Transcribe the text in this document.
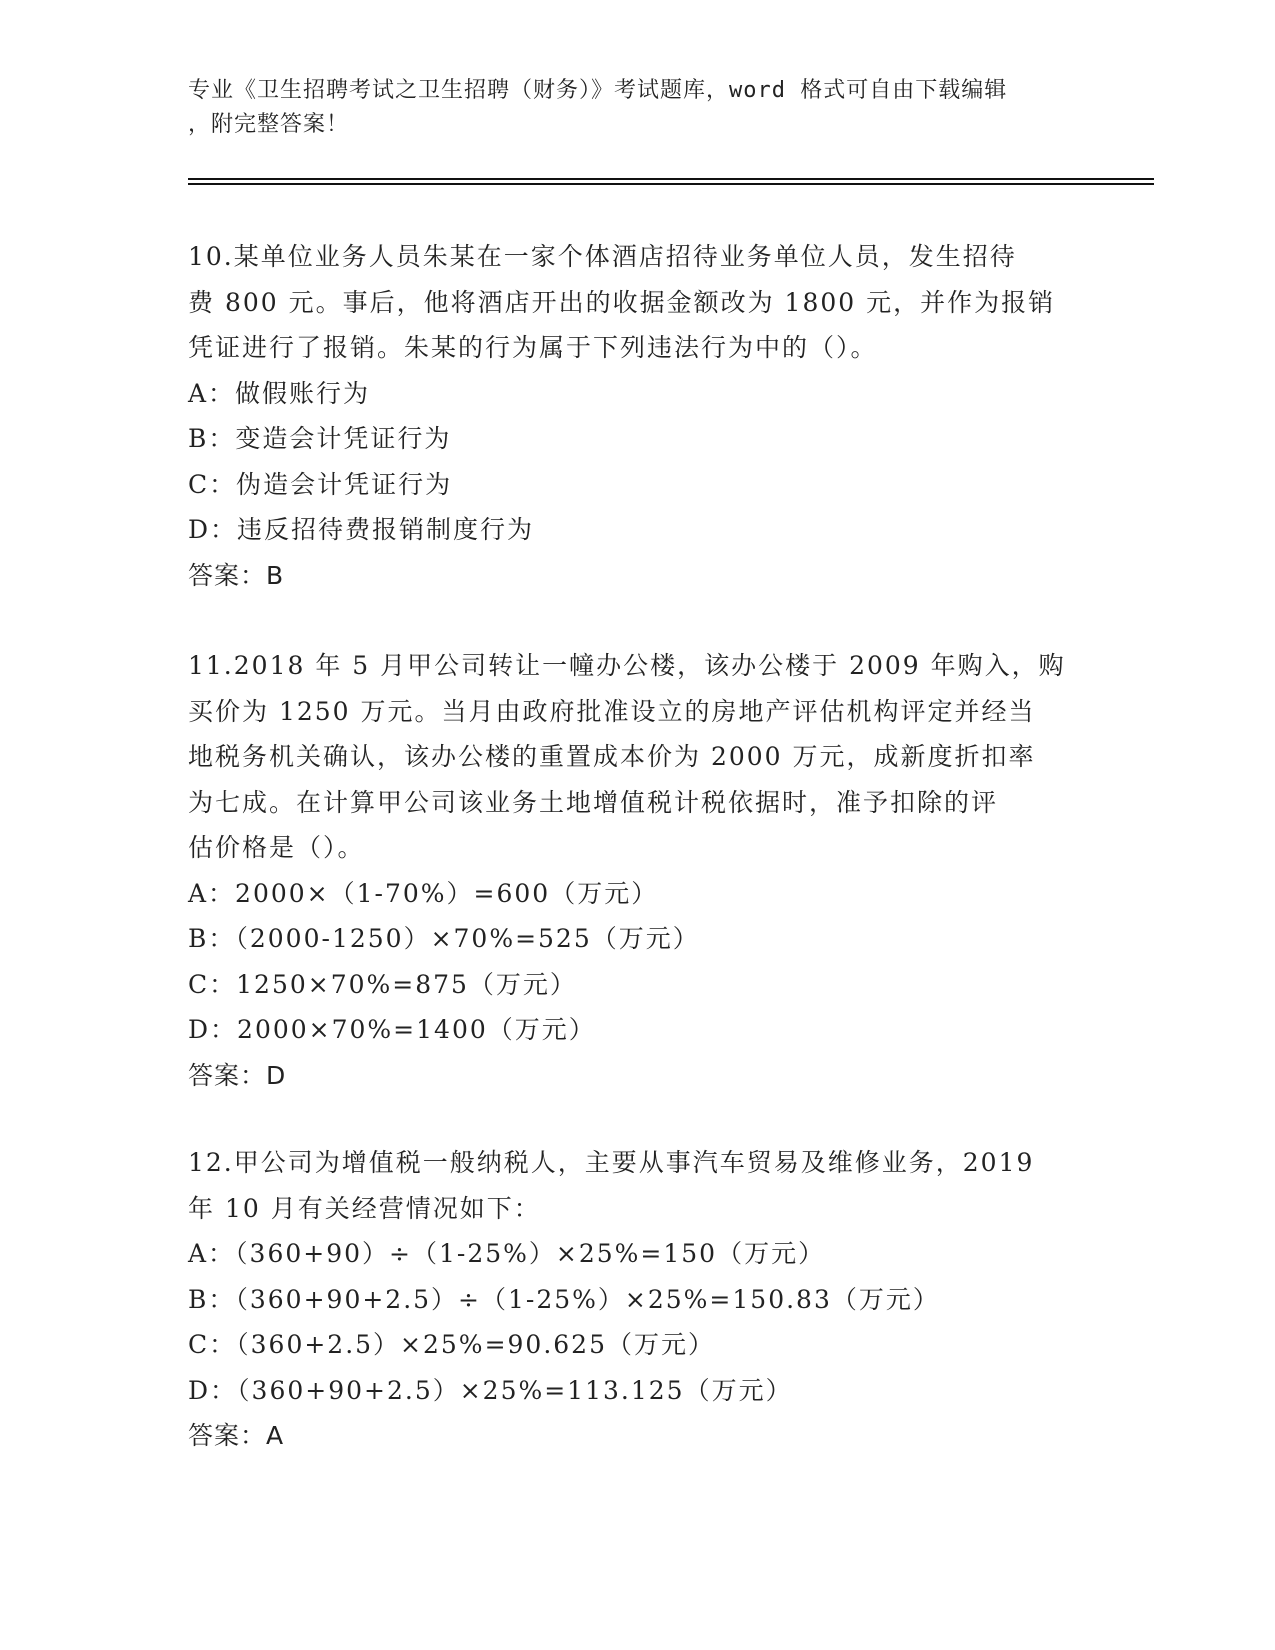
专业《卫生招聘考试之卫生招聘（财务）》考试题库，word 格式可自由下载编辑
，附完整答案！
10.某单位业务人员朱某在一家个体酒店招待业务单位人员，发生招待
费 800 元。事后，他将酒店开出的收据金额改为 1800 元，并作为报销
凭证进行了报销。朱某的行为属于下列违法行为中的（）。
A：做假账行为
B：变造会计凭证行为
C：伪造会计凭证行为
D：违反招待费报销制度行为
答案：B
11.2018 年 5 月甲公司转让一幢办公楼，该办公楼于 2009 年购入，购
买价为 1250 万元。当月由政府批准设立的房地产评估机构评定并经当
地税务机关确认，该办公楼的重置成本价为 2000 万元，成新度折扣率
为七成。在计算甲公司该业务土地增值税计税依据时，准予扣除的评
估价格是（）。
A：2000×（1-70%）=600（万元）
B：（2000-1250）×70%=525（万元）
C：1250×70%=875（万元）
D：2000×70%=1400（万元）
答案：D
12.甲公司为增值税一般纳税人，主要从事汽车贸易及维修业务，2019
年 10 月有关经营情况如下：
A：（360+90）÷（1-25%）×25%=150（万元）
B：（360+90+2.5）÷（1-25%）×25%=150.83（万元）
C：（360+2.5）×25%=90.625（万元）
D：（360+90+2.5）×25%=113.125（万元）
答案：A
